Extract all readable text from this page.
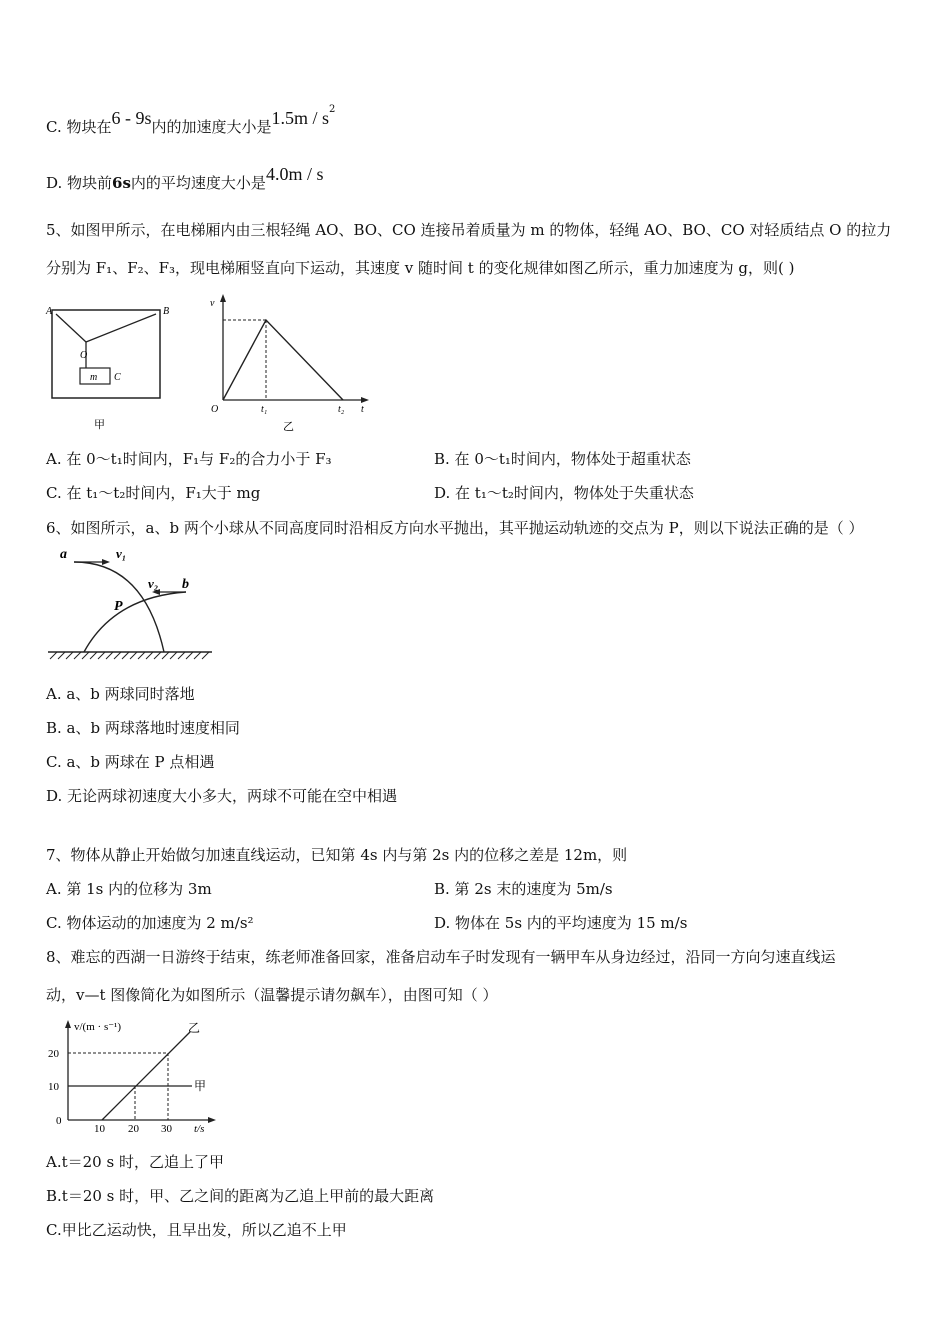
C. 物块在6 - 9s内的加速度大小是$1.5m / s^2$
D. 物块前6s内的平均速度大小是4.0m / s
5、如图甲所示，在电梯厢内由三根轻绳 AO、BO、CO 连接吊着质量为 m 的物体，轻绳 AO、BO、CO 对轻质结点 O 的拉力
分别为 F₁、F₂、F₃，现电梯厢竖直向下运动，其速度 v 随时间 t 的变化规律如图乙所示，重力加速度为 g，则( )
A	B
O
m C
甲
v
O	t₁	t₂ t
乙
A. 在 0～t₁时间内，F₁与 F₂的合力小于 F₃	B. 在 0～t₁时间内，物体处于超重状态
C. 在 t₁～t₂时间内，F₁大于 mg	D. 在 t₁～t₂时间内，物体处于失重状态
6、如图所示，a、b 两个小球从不同高度同时沿相反方向水平抛出，其平抛运动轨迹的交点为 P，则以下说法正确的是（ ）
a	v₁
v₂ b
P
A. a、b 两球同时落地
B. a、b 两球落地时速度相同
C. a、b 两球在 P 点相遇
D. 无论两球初速度大小多大，两球不可能在空中相遇
7、物体从静止开始做匀加速直线运动，已知第 4s 内与第 2s 内的位移之差是 12m，则
A. 第 1s 内的位移为 3m	B. 第 2s 末的速度为 5m/s
C. 物体运动的加速度为 2 m/s²	D. 物体在 5s 内的平均速度为 15 m/s
8、难忘的西湖一日游终于结束，练老师准备回家，准备启动车子时发现有一辆甲车从身边经过，沿同一方向匀速直线运
动，v—t 图像简化为如图所示（温馨提示请勿飙车），由图可知（ ）
v/(m · s⁻¹)
20
10
0
10 20 30 t/s
甲
乙
A.t＝20 s 时，乙追上了甲
B.t＝20 s 时，甲、乙之间的距离为乙追上甲前的最大距离
C.甲比乙运动快，且早出发，所以乙追不上甲
